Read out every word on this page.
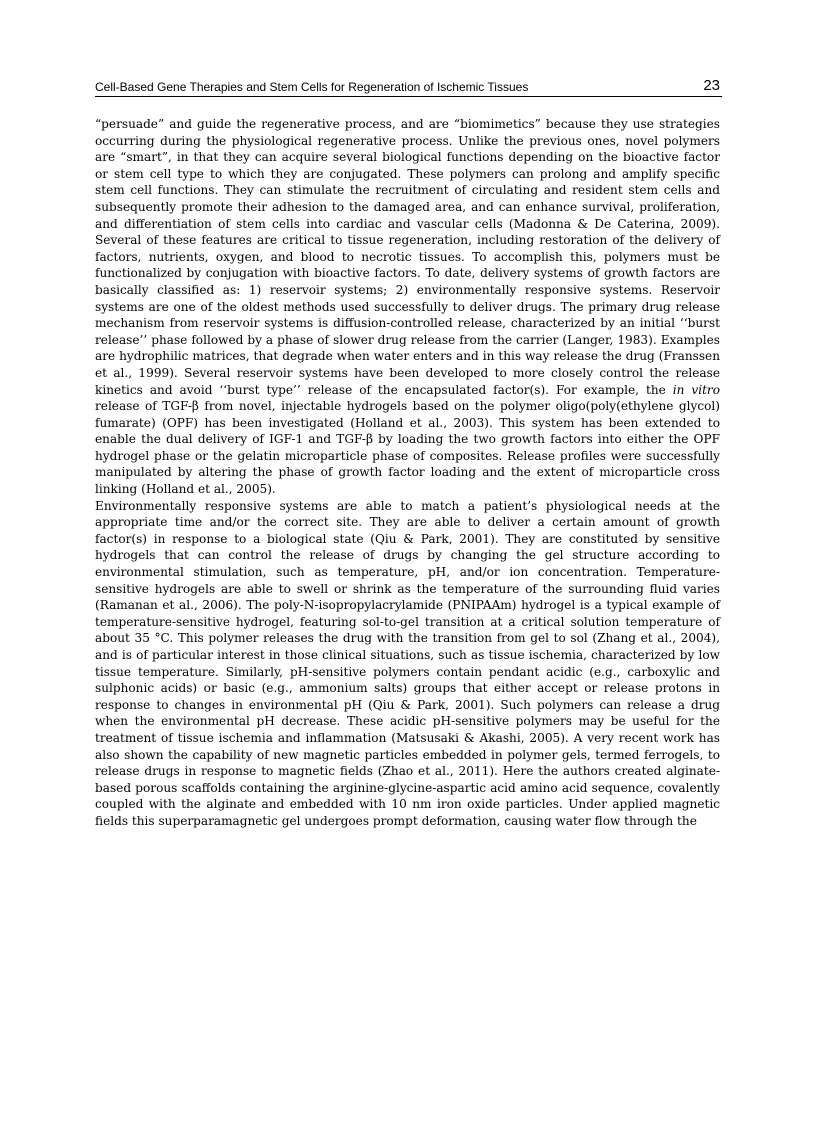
Cell-Based Gene Therapies and Stem Cells for Regeneration of Ischemic Tissues	23

“persuade” and guide the regenerative process, and are “biomimetics” because they use strategies occurring during the physiological regenerative process. Unlike the previous ones, novel polymers are “smart”, in that they can acquire several biological functions depending on the bioactive factor or stem cell type to which they are conjugated. These polymers can prolong and amplify specific stem cell functions. They can stimulate the recruitment of circulating and resident stem cells and subsequently promote their adhesion to the damaged area, and can enhance survival, proliferation, and differentiation of stem cells into cardiac and vascular cells (Madonna & De Caterina, 2009). Several of these features are critical to tissue regeneration, including restoration of the delivery of factors, nutrients, oxygen, and blood to necrotic tissues. To accomplish this, polymers must be functionalized by conjugation with bioactive factors. To date, delivery systems of growth factors are basically classified as: 1) reservoir systems; 2) environmentally responsive systems. Reservoir systems are one of the oldest methods used successfully to deliver drugs. The primary drug release mechanism from reservoir systems is diffusion-controlled release, characterized by an initial ‘‘burst release’’ phase followed by a phase of slower drug release from the carrier (Langer, 1983). Examples are hydrophilic matrices, that degrade when water enters and in this way release the drug (Franssen et al., 1999). Several reservoir systems have been developed to more closely control the release kinetics and avoid ‘‘burst type’’ release of the encapsulated factor(s). For example, the in vitro release of TGF-β from novel, injectable hydrogels based on the polymer oligo(poly(ethylene glycol) fumarate) (OPF) has been investigated (Holland et al., 2003). This system has been extended to enable the dual delivery of IGF-1 and TGF-β by loading the two growth factors into either the OPF hydrogel phase or the gelatin microparticle phase of composites. Release profiles were successfully manipulated by altering the phase of growth factor loading and the extent of microparticle cross linking (Holland et al., 2005).

Environmentally responsive systems are able to match a patient’s physiological needs at the appropriate time and/or the correct site. They are able to deliver a certain amount of growth factor(s) in response to a biological state (Qiu & Park, 2001). They are constituted by sensitive hydrogels that can control the release of drugs by changing the gel structure according to environmental stimulation, such as temperature, pH, and/or ion concentration. Temperature-sensitive hydrogels are able to swell or shrink as the temperature of the surrounding fluid varies (Ramanan et al., 2006). The poly-N-isopropylacrylamide (PNIPAAm) hydrogel is a typical example of temperature-sensitive hydrogel, featuring sol-to-gel transition at a critical solution temperature of about 35 °C. This polymer releases the drug with the transition from gel to sol (Zhang et al., 2004), and is of particular interest in those clinical situations, such as tissue ischemia, characterized by low tissue temperature. Similarly, pH-sensitive polymers contain pendant acidic (e.g., carboxylic and sulphonic acids) or basic (e.g., ammonium salts) groups that either accept or release protons in response to changes in environmental pH (Qiu & Park, 2001). Such polymers can release a drug when the environmental pH decrease. These acidic pH-sensitive polymers may be useful for the treatment of tissue ischemia and inflammation (Matsusaki & Akashi, 2005). A very recent work has also shown the capability of new magnetic particles embedded in polymer gels, termed ferrogels, to release drugs in response to magnetic fields (Zhao et al., 2011). Here the authors created alginate-based porous scaffolds containing the arginine-glycine-aspartic acid amino acid sequence, covalently coupled with the alginate and embedded with 10 nm iron oxide particles. Under applied magnetic fields this superparamagnetic gel undergoes prompt deformation, causing water flow through the
